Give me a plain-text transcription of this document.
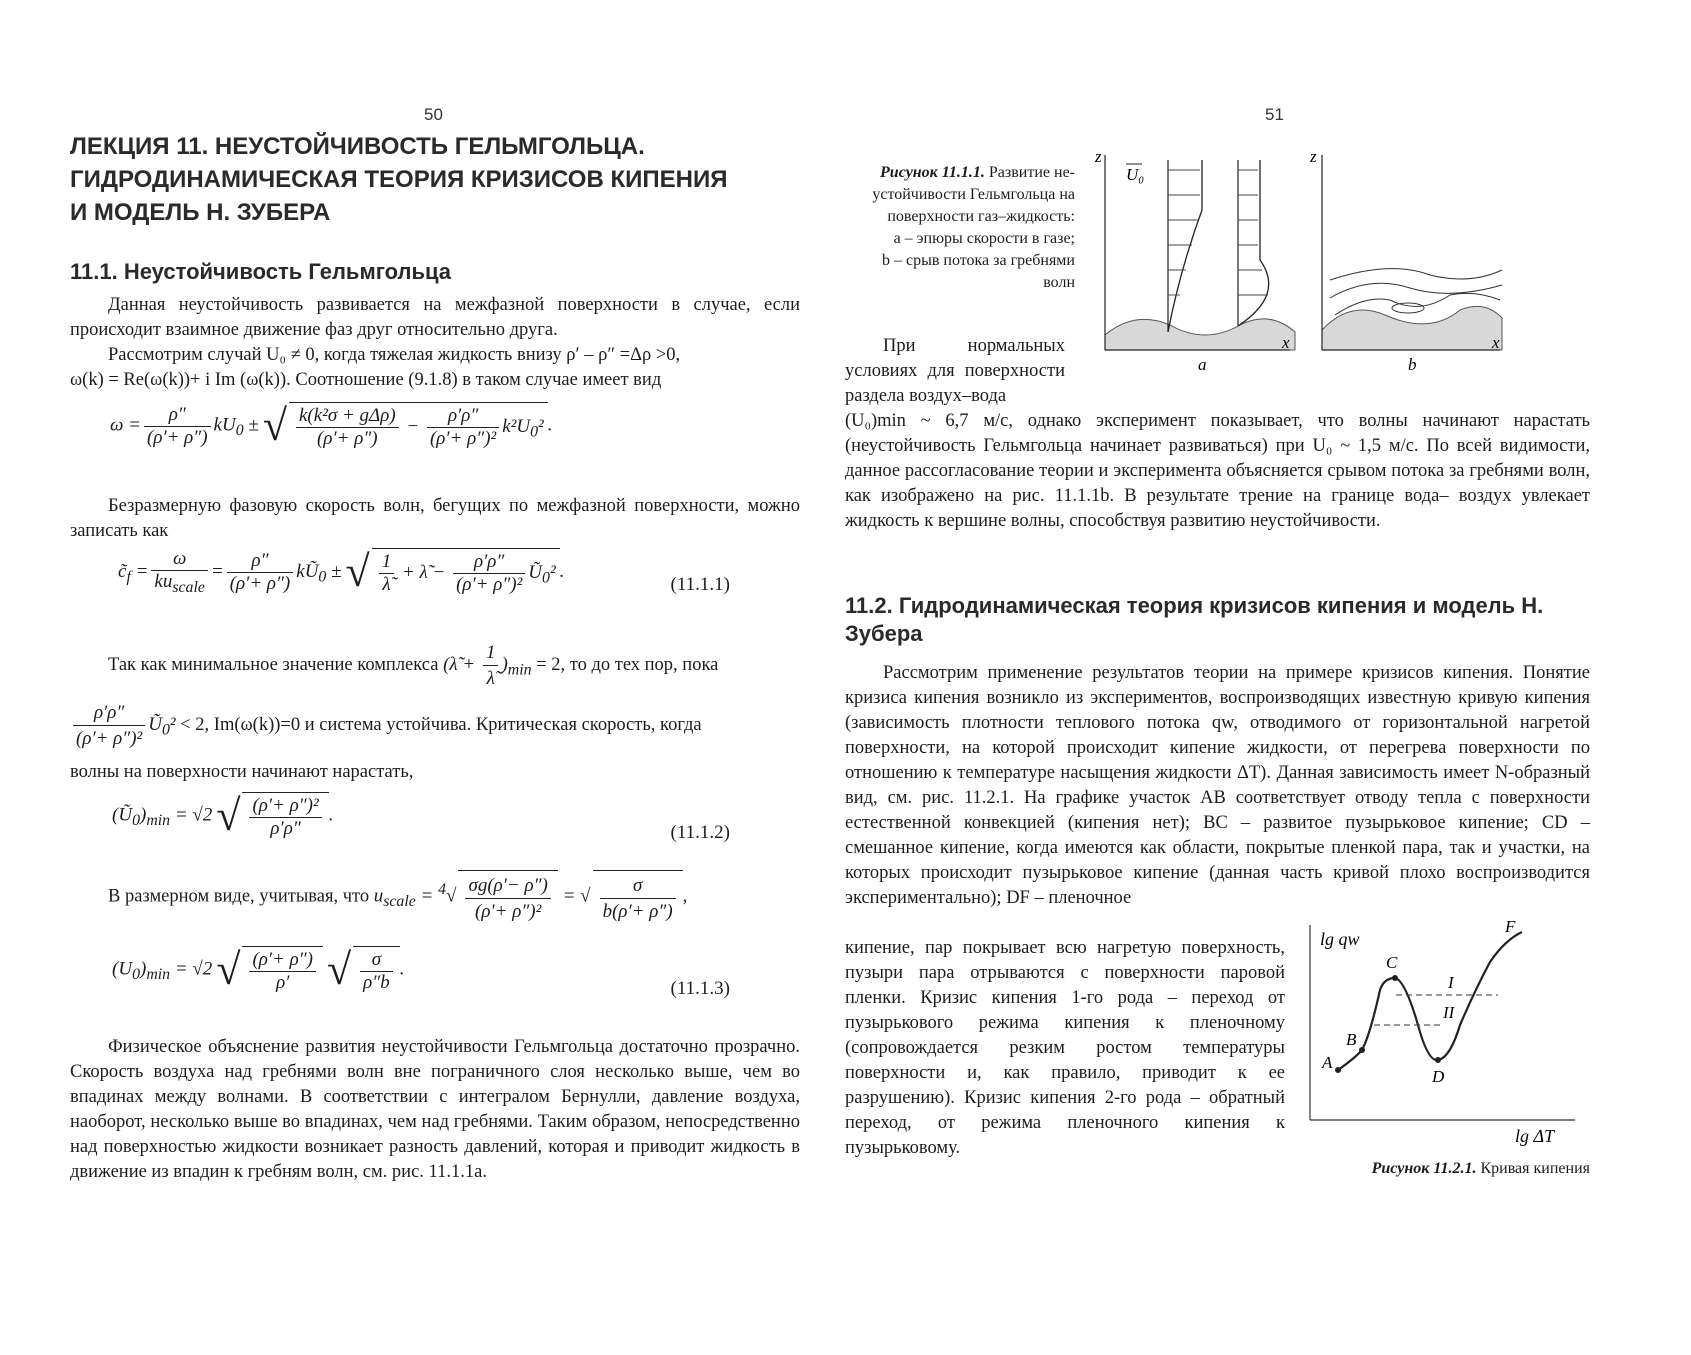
50
ЛЕКЦИЯ 11. НЕУСТОЙЧИВОСТЬ ГЕЛЬМГОЛЬЦА.
ГИДРОДИНАМИЧЕСКАЯ ТЕОРИЯ КРИЗИСОВ КИПЕНИЯ
И МОДЕЛЬ Н. ЗУБЕРА
11.1. Неустойчивость Гельмгольца

Данная неустойчивость развивается на межфазной поверхности в случае, если происходит взаимное движение фаз друг относительно друга.

Рассмотрим случай U₀ ≠ 0, когда тяжелая жидкость внизу ρ′ – ρ″ =Δρ >0,
ω(k) = Re(ω(k))+ i Im (ω(k)). Соотношение (9.1.8) в таком случае имеет вид
$\omega = \frac{\rho''}{(\rho'+ \rho'')} kU_0$ ±√ $\frac{\text{k(k²σ + gΔρ)}}{(\rho'+ \rho'')} - \frac{\rho'\rho''}{\text{(ρ′+ ρ″)²}} k^2U_0^2$ .

Безразмерную фазовую скорость волн, бегущих по межфазной поверхности, можно записать как

$c̃_f = \frac{\omega}{ku_{scale}} = \frac{\rho''}{(\rho'+ \rho'')}$ $kŨ_0$ ±√ $\frac{1}{\lambdã}$ + λ̃ − $\frac{\rho'\rho''}{\text{(ρ′+ ρ″)²}}$ $Ũ_0^2$ .
(11.1.1)
Так как минимальное значение комплекса (λ̃ + $\frac{1}{\lambdã} )_{min} = 2$, то до тех пор, пока
$\frac{\rho'\rho''}{\text{(ρ′+ ρ″)²}}$ $Ũ_0^2 < 2$, Im(ω(k))=0 и система устойчива. Критическая скорость, когда
волны на поверхности начинают нарастать,
$(Ũ_0)_{min} = √2√ \frac{\text{(ρ′+ ρ″)²}}{\rho'\rho''}$ .
(11.1.2)
В размерном виде, учитывая, что $u_{scale} = ^4√ \frac{\sigma g(\rho'- \rho'')}{\text{(ρ′+ ρ″)²}}$ = √ $\frac{\sigma}{b(\rho'+ \rho'')}$ ,
$(U_0)_{min} = √2√ \frac{(\rho'+ \rho'')}{\rho'}$ √ $\frac{\sigma}{\rho''b}$ .
(11.1.3)

Физическое объяснение развития неустойчивости Гельмгольца достаточно прозрачно. Скорость воздуха над гребнями волн вне пограничного слоя несколько выше, чем во впадинах между волнами. В соответствии с интегралом Бернулли, давление воздуха, наоборот, несколько выше во впадинах, чем над гребнями. Таким образом, непосредственно над поверхностью жидкости возникает разность давлений, которая и приводит жидкость в движение из впадин к гребням волн, см. рис. 11.1.1a.

51
Рисунок 11.1.1. Развитие не-
устойчивости Гельмгольца на
поверхности газ–жидкость:
a – эпюры скорости в газе;
b – срыв потока за гребнями
волн
z
x
U₀
a
z
x
b

При нормальных условиях для поверхности раздела воздух–вода

(U₀)min ~ 6,7 м/с, однако эксперимент показывает, что волны начинают нарастать (неустойчивость Гельмгольца начинает развиваться) при U₀ ~ 1,5 м/с. По всей видимости, данное рассогласование теории и эксперимента объясняется срывом потока за гребнями волн, как изображено на рис. 11.1.1b. В результате трение на границе вода– воздух увлекает жидкость к вершине волны, способствуя развитию неустойчивости.

11.2. Гидродинамическая теория кризисов кипения и модель Н. Зубера

Рассмотрим применение результатов теории на примере кризисов кипения. Понятие кризиса кипения возникло из экспериментов, воспроизводящих известную кривую кипения (зависимость плотности теплового потока qw, отводимого от горизонтальной нагретой поверхности, на которой происходит кипение жидкости, от перегрева поверхности по отношению к температуре насыщения жидкости ΔT). Данная зависимость имеет N-образный вид, см. рис. 11.2.1. На графике участок AB соответствует отводу тепла с поверхности естественной конвекцией (кипения нет); BC – развитое пузырьковое кипение; CD – смешанное кипение, когда имеются как области, покрытые пленкой пара, так и участки, на которых происходит пузырьковое кипение (данная часть кривой плохо воспроизводится экспериментально); DF – пленочное

кипение, пар покрывает всю нагретую поверхность, пузыри пара отрываются с поверхности паровой пленки. Кризис кипения 1-го рода – переход от пузырькового режима кипения к пленочному (сопровождается резким ростом температуры поверхности и, как правило, приводит к ее разрушению). Кризис кипения 2-го рода – обратный переход, от режима пленочного кипения к пузырьковому.

lg qw
lg ΔT
A
B
C
D
F
I
II
Рисунок 11.2.1. Кривая кипения
